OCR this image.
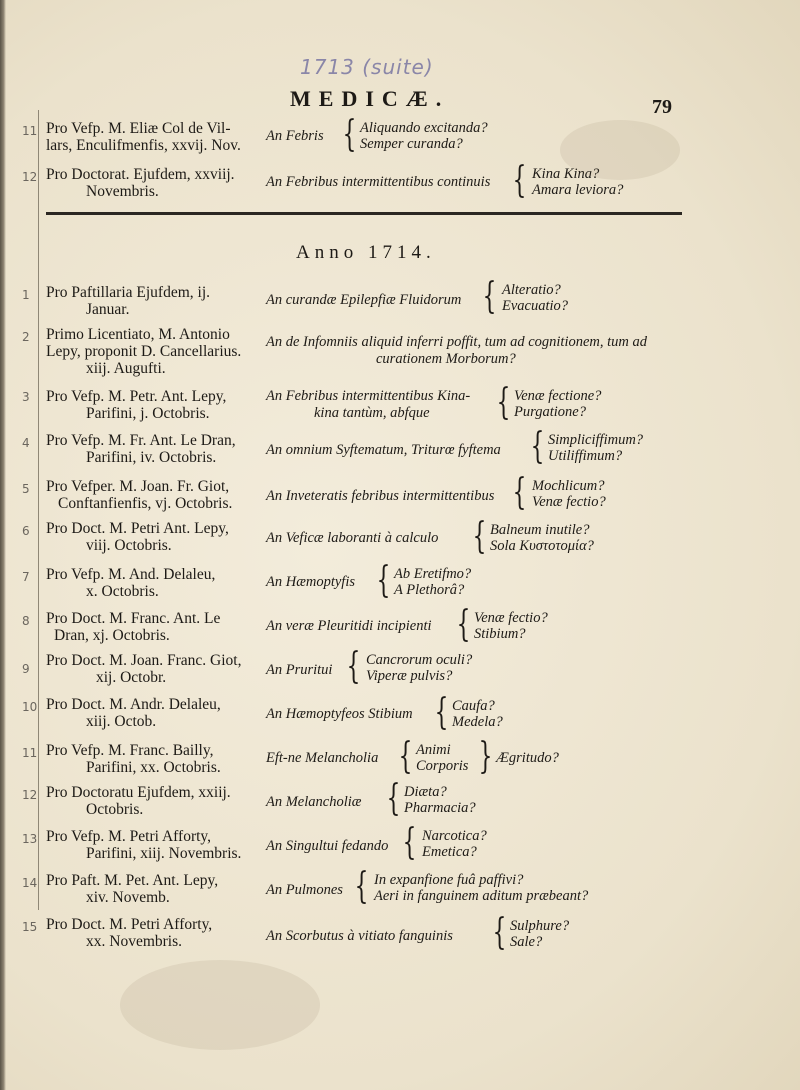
1713 (suite)
MEDICÆ.	79
Anno 1714.
11 Pro Vefp. M. Eliæ Col de Vil-
lars, Enculifmenfis, xxvij. Nov.
An Febris { Aliquando excitanda?
Semper curanda?
12 Pro Doctorat. Ejufdem, xxviij.
Novembris.
An Febribus intermittentibus continuis { Kina Kina?
Amara leviora?
1 Pro Paftillaria Ejufdem, ij.
Januar.
An curandæ Epilepfiæ Fluidorum { Alteratio?
Evacuatio?
2 Primo Licentiato, M. Antonio
Lepy, proponit D. Cancellarius.
xiij. Augufti.
An de Infomniis aliquid inferri poffit, tum ad cognitionem, tum ad
curationem Morborum?
3 Pro Vefp. M. Petr. Ant. Lepy,
Parifini, j. Octobris.
An Febribus intermittentibus Kina-
kina tantùm, abfque	{ Venæ fectione?
Purgatione?
4 Pro Vefp. M. Fr. Ant. Le Dran,
Parifini, iv. Octobris.	An omnium Syftematum, Triturœ fyftema { Simpliciffimum?
Utiliffimum?
5 Pro Vefper. M. Joan. Fr. Giot,
Conftanfienfis, vj. Octobris.	An Inveteratis febribus intermittentibus { Mochlicum?
Venæ fectio?
6 Pro Doct. M. Petri Ant. Lepy,
viij. Octobris.	An Veficæ laboranti à calculo { Balneum inutile?
Sola Κυστοτομία?
7 Pro Vefp. M. And. Delaleu,
x. Octobris.
An Hæmoptyfis { Ab Eretifmo?
A Plethorâ?
8 Pro Doct. M. Franc. Ant. Le
Dran, xj. Octobris.
An veræ Pleuritidi incipienti { Venæ fectio?
Stibium?
9 Pro Doct. M. Joan. Franc. Giot,
xij. Octobr.	An Pruritui { Cancrorum oculi?
Viperæ pulvis?
10 Pro Doct. M. Andr. Delaleu,
xiij. Octob.	An Hæmoptyfeos Stibium { Caufa?
Medela?
11 Pro Vefp. M. Franc. Bailly,
Parifini, xx. Octobris.
Eft-ne Melancholia { Animi
Corporis } Ægritudo?
12 Pro Doctoratu Ejufdem, xxiij.
Octobris.	An Melancholiæ { Diæta?
Pharmacia?
13 Pro Vefp. M. Petri Afforty,
Parifini, xiij. Novembris.	An Singultui fedando { Narcotica?
Emetica?
14 Pro Paft. M. Pet. Ant. Lepy,
xiv. Novemb.	An Pulmones { In expanfione fuâ paffivi?
Aeri in fanguinem aditum præbeant?
15 Pro Doct. M. Petri Afforty,
xx. Novembris.	An Scorbutus à vitiato fanguinis { Sulphure?
Sale?
